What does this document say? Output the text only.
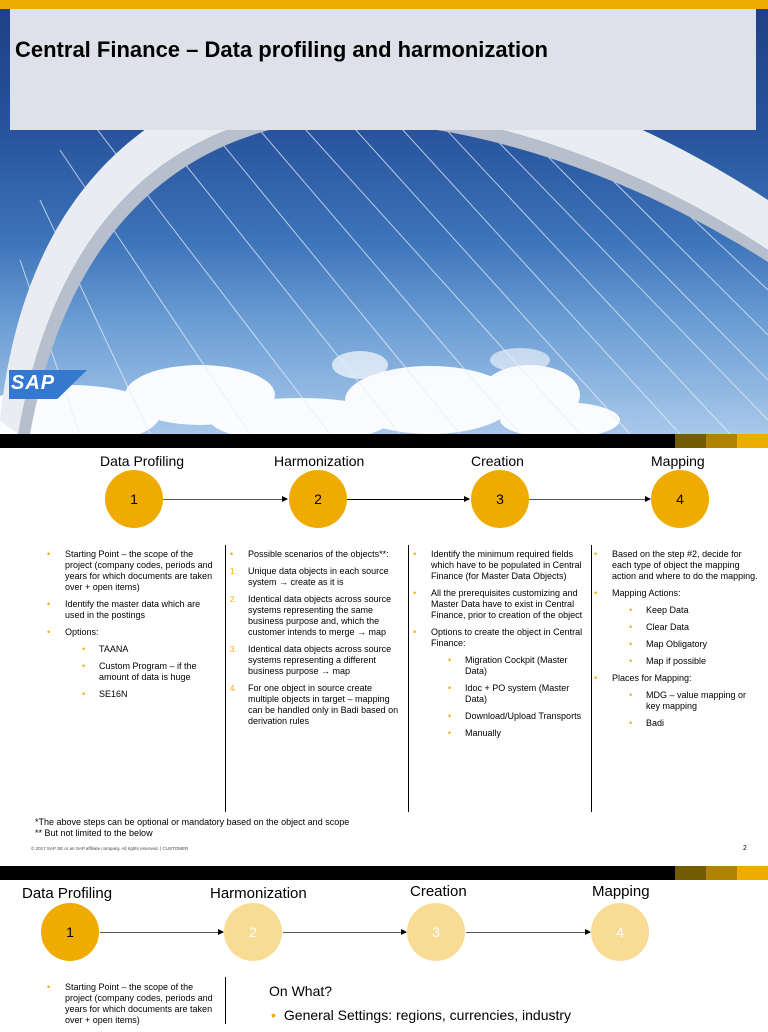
Central Finance – Data profiling and harmonization
SAP
Data Profiling	Harmonization	Creation	Mapping
1	2	3	4
• Starting Point – the scope of the project (company codes, periods and years for which documents are taken over + open items)
• Identify the master data which are used in the postings
• Options:
• TAANA
• Custom Program – if the amount of data is huge
• SE16N
• Possible scenarios of the objects**:
1. Unique data objects in each source system → create as it is
2. Identical data objects across source systems representing the same business purpose and, which the customer intends to merge → map
3. Identical data objects across source systems representing a different business purpose → map
4. For one object in source create multiple objects in target – mapping can be handled only in Badi based on derivation rules
• Identify the minimum required fields which have to be populated in Central Finance (for Master Data Objects)
• All the prerequisites customizing and Master Data have to exist in Central Finance, prior to creation of the object
• Options to create the object in Central Finance:
• Migration Cockpit (Master Data)
• Idoc + PO system (Master Data)
• Download/Upload Transports
• Manually
• Based on the step #2, decide for each type of object the mapping action and where to do the mapping.
• Mapping Actions:
• Keep Data
• Clear Data
• Map Obligatory
• Map if possible
• Places for Mapping:
• MDG – value mapping or key mapping
• Badi
*The above steps can be optional or mandatory based on the object and scope
** But not limited to the below
© 2017 SAP SE or an SAP affiliate company. All rights reserved. | CUSTOMER	2
Data Profiling	Harmonization	Creation	Mapping
1	2	3	4
• Starting Point – the scope of the project (company codes, periods and years for which documents are taken over + open items)
On What?
• General Settings: regions, currencies, industry
